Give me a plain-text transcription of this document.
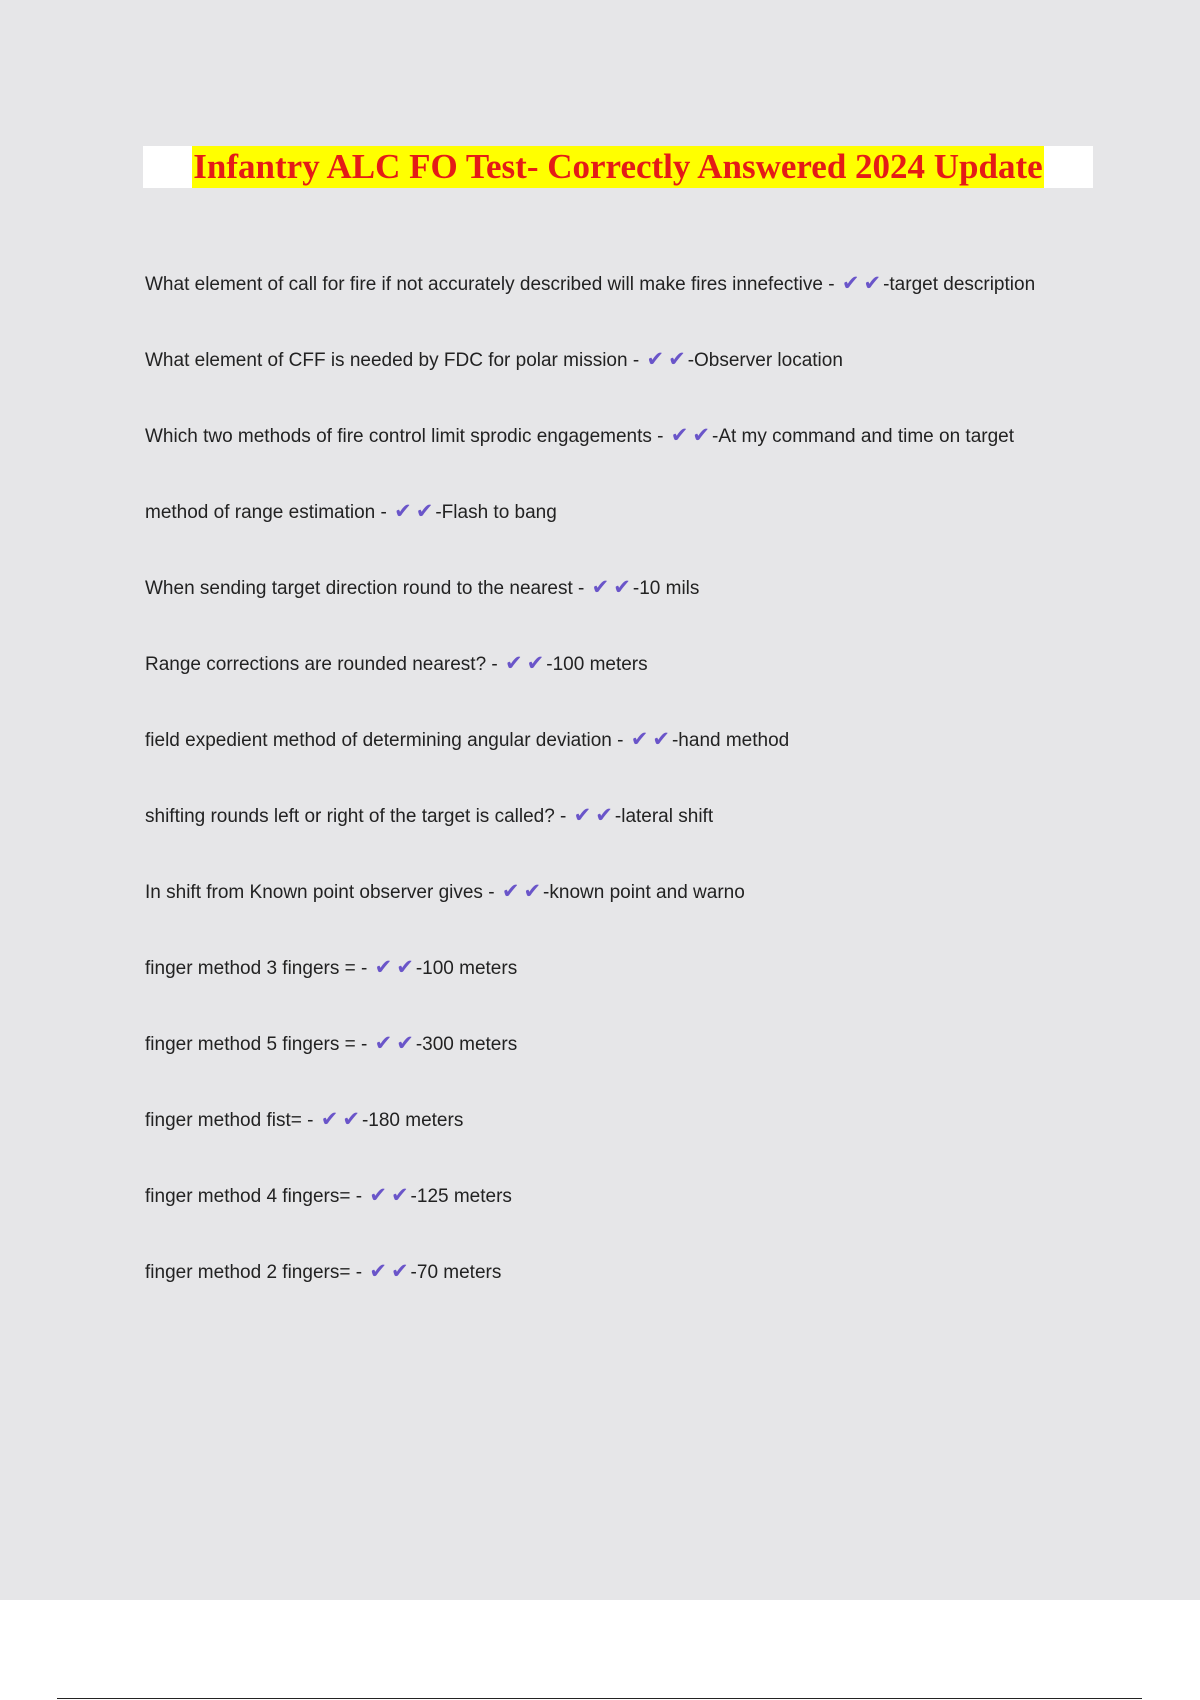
Infantry ALC FO Test- Correctly Answered 2024 Update
What element of call for fire if not accurately described will make fires innefective - ✔ ✔ -target description
What element of CFF is needed by FDC for polar mission - ✔ ✔ -Observer location
Which two methods of fire control limit sprodic engagements - ✔ ✔ -At my command and time on target
method of range estimation - ✔ ✔ -Flash to bang
When sending target direction round to the nearest - ✔ ✔ -10 mils
Range corrections are rounded nearest? - ✔ ✔ -100 meters
field expedient method of determining angular deviation - ✔ ✔ -hand method
shifting rounds left or right of the target is called? - ✔ ✔ -lateral shift
In shift from Known point observer gives - ✔ ✔ -known point and warno
finger method 3 fingers = - ✔ ✔ -100 meters
finger method 5 fingers = - ✔ ✔ -300 meters
finger method fist= - ✔ ✔ -180 meters
finger method 4 fingers= - ✔ ✔ -125 meters
finger method 2 fingers= - ✔ ✔ -70 meters
